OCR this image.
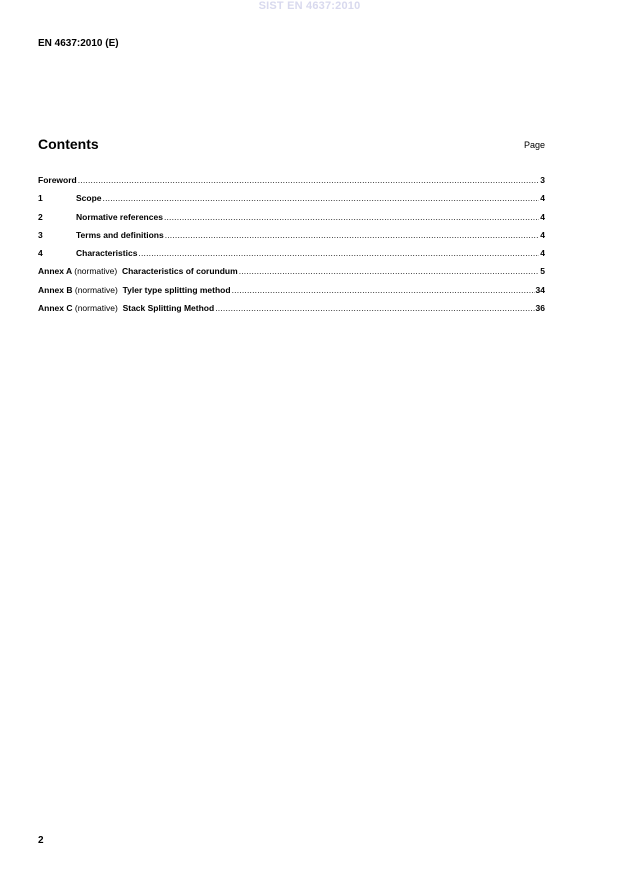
SIST EN 4637:2010
EN 4637:2010 (E)
Contents	Page
Foreword .....	3
1	Scope .....	4
2	Normative references .....	4
3	Terms and definitions .....	4
4	Characteristics .....	4
Annex A (normative) Characteristics of corundum .....	5
Annex B (normative) Tyler type splitting method .....	34
Annex C (normative) Stack Splitting Method .....	36
2
